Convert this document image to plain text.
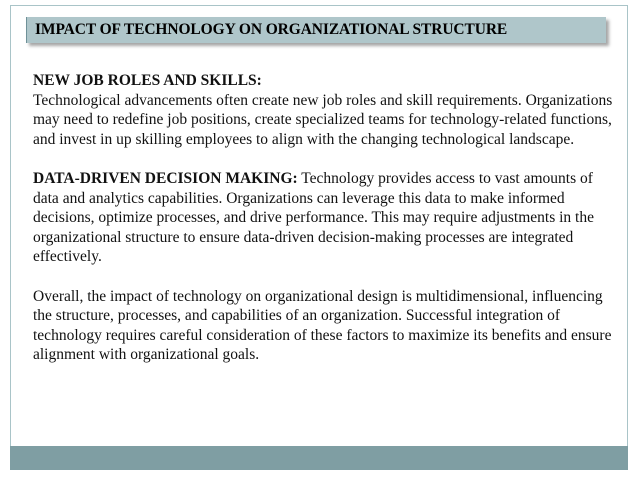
IMPACT OF TECHNOLOGY ON ORGANIZATIONAL STRUCTURE

NEW JOB ROLES AND SKILLS:
Technological advancements often create new job roles and skill requirements. Organizations may need to redefine job positions, create specialized teams for technology-related functions, and invest in up skilling employees to align with the changing technological landscape.

DATA-DRIVEN DECISION MAKING: Technology provides access to vast amounts of data and analytics capabilities. Organizations can leverage this data to make informed decisions, optimize processes, and drive performance. This may require adjustments in the organizational structure to ensure data-driven decision-making processes are integrated effectively.

Overall, the impact of technology on organizational design is multidimensional, influencing the structure, processes, and capabilities of an organization. Successful integration of technology requires careful consideration of these factors to maximize its benefits and ensure alignment with organizational goals.
